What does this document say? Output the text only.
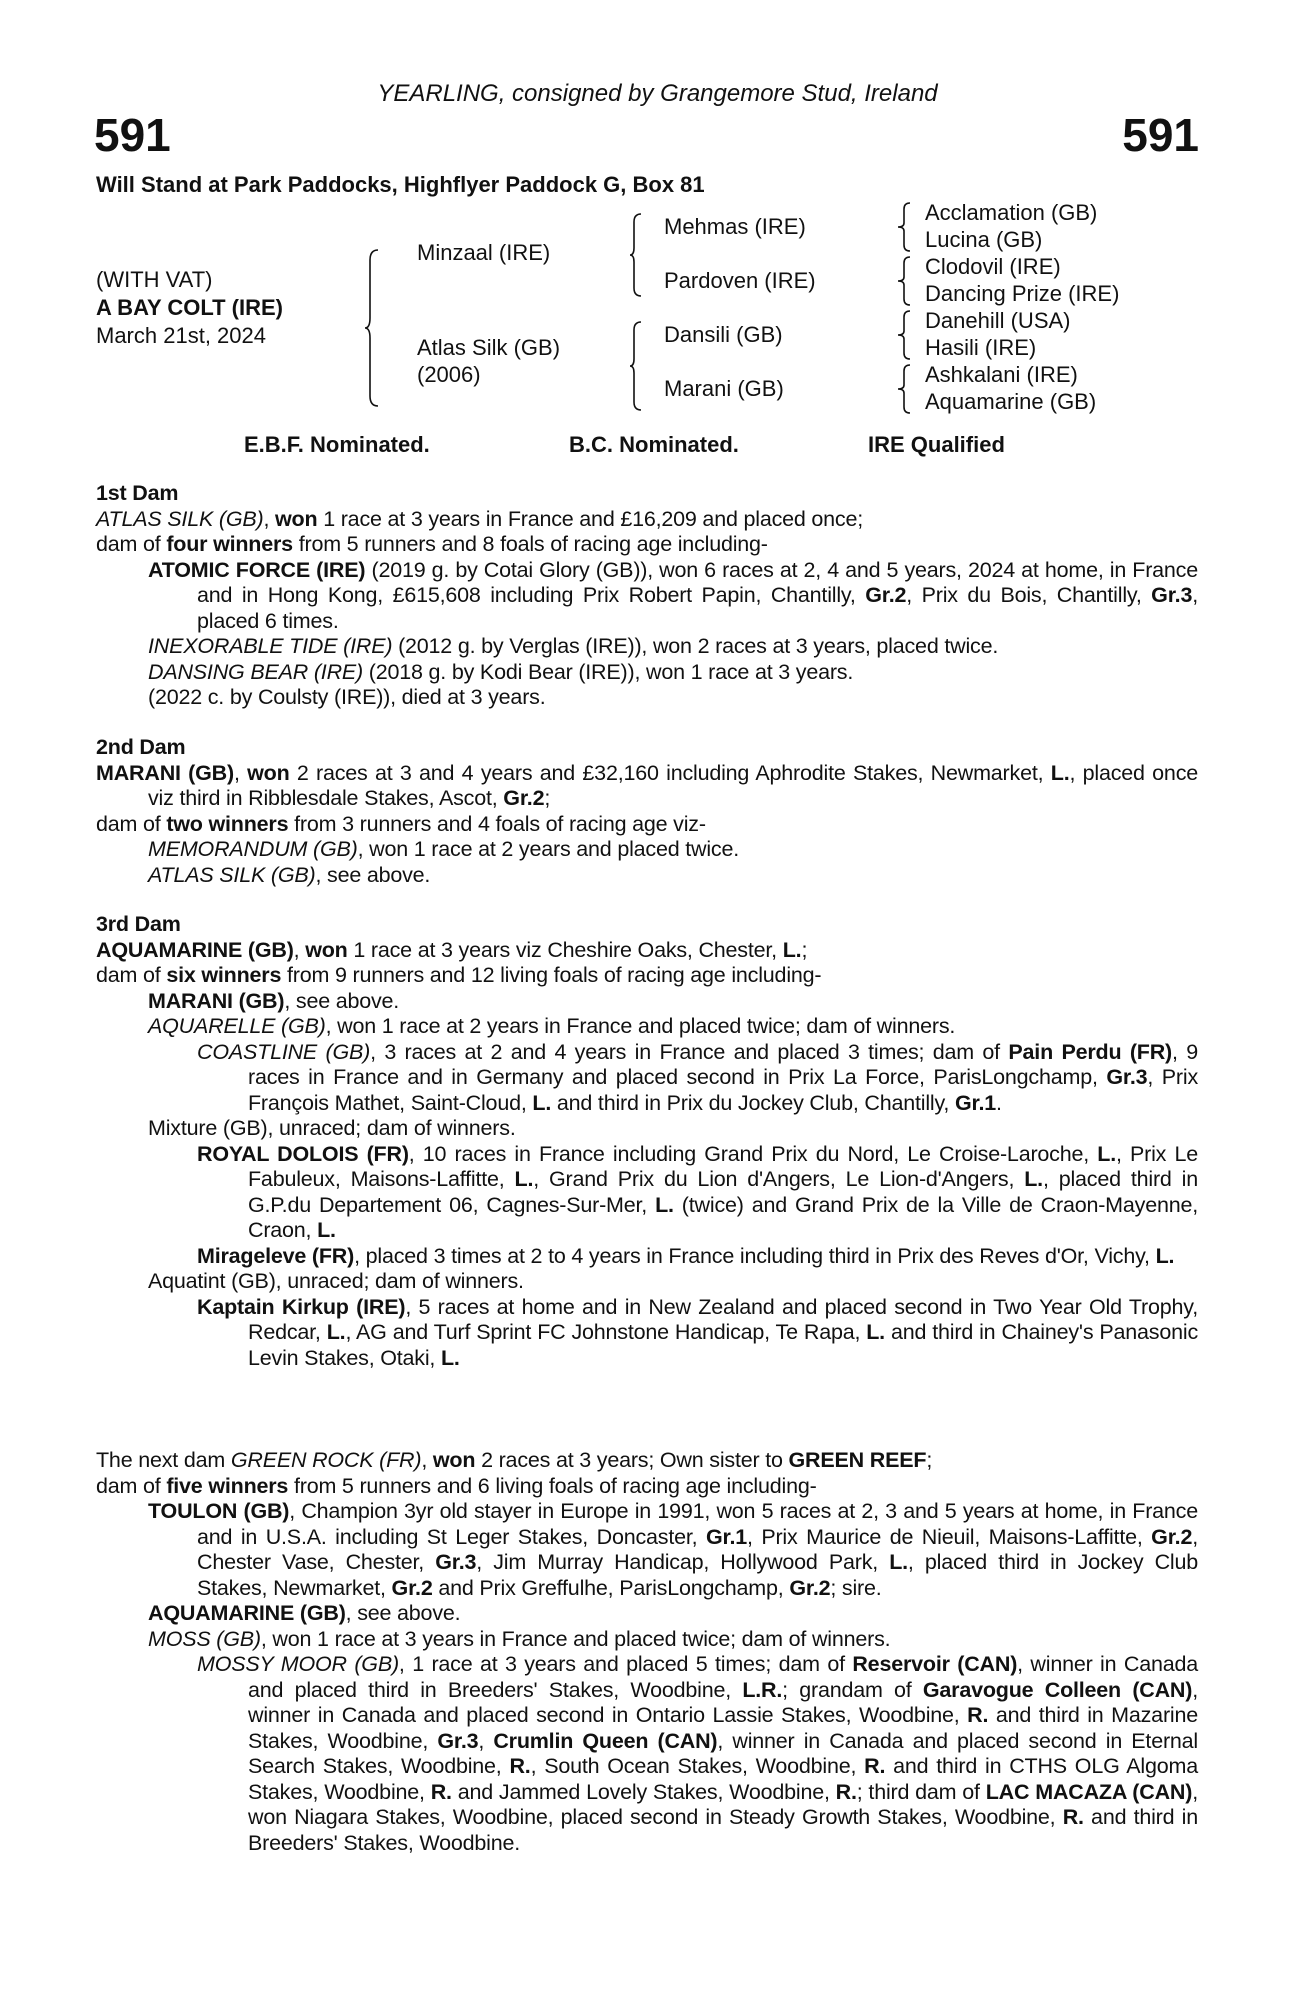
YEARLING, consigned by Grangemore Stud, Ireland
591	591
Will Stand at Park Paddocks, Highflyer Paddock G, Box 81
(WITH VAT)
A BAY COLT (IRE)
March 21st, 2024
Minzaal (IRE)
Atlas Silk (GB)
(2006)
Mehmas (IRE)
Pardoven (IRE)
Dansili (GB)
Marani (GB)
Acclamation (GB)
Lucina (GB)
Clodovil (IRE)
Dancing Prize (IRE)
Danehill (USA)
Hasili (IRE)
Ashkalani (IRE)
Aquamarine (GB)
E.B.F. Nominated.	B.C. Nominated.	IRE Qualified
1st Dam
ATLAS SILK (GB), won 1 race at 3 years in France and £16,209 and placed once;
dam of four winners from 5 runners and 8 foals of racing age including-
ATOMIC FORCE (IRE) (2019 g. by Cotai Glory (GB)), won 6 races at 2, 4 and 5 years, 2024 at home, in France and in Hong Kong, £615,608 including Prix Robert Papin, Chantilly, Gr.2, Prix du Bois, Chantilly, Gr.3, placed 6 times.
INEXORABLE TIDE (IRE) (2012 g. by Verglas (IRE)), won 2 races at 3 years, placed twice.
DANSING BEAR (IRE) (2018 g. by Kodi Bear (IRE)), won 1 race at 3 years.
(2022 c. by Coulsty (IRE)), died at 3 years.
2nd Dam
MARANI (GB), won 2 races at 3 and 4 years and £32,160 including Aphrodite Stakes, Newmarket, L., placed once viz third in Ribblesdale Stakes, Ascot, Gr.2;
dam of two winners from 3 runners and 4 foals of racing age viz-
MEMORANDUM (GB), won 1 race at 2 years and placed twice.
ATLAS SILK (GB), see above.
3rd Dam
AQUAMARINE (GB), won 1 race at 3 years viz Cheshire Oaks, Chester, L.;
dam of six winners from 9 runners and 12 living foals of racing age including-
MARANI (GB), see above.
AQUARELLE (GB), won 1 race at 2 years in France and placed twice; dam of winners.
COASTLINE (GB), 3 races at 2 and 4 years in France and placed 3 times; dam of Pain Perdu (FR), 9 races in France and in Germany and placed second in Prix La Force, ParisLongchamp, Gr.3, Prix François Mathet, Saint-Cloud, L. and third in Prix du Jockey Club, Chantilly, Gr.1.
Mixture (GB), unraced; dam of winners.
ROYAL DOLOIS (FR), 10 races in France including Grand Prix du Nord, Le Croise-Laroche, L., Prix Le Fabuleux, Maisons-Laffitte, L., Grand Prix du Lion d'Angers, Le Lion-d'Angers, L., placed third in G.P.du Departement 06, Cagnes-Sur-Mer, L. (twice) and Grand Prix de la Ville de Craon-Mayenne, Craon, L.
Mirageleve (FR), placed 3 times at 2 to 4 years in France including third in Prix des Reves d'Or, Vichy, L.
Aquatint (GB), unraced; dam of winners.
Kaptain Kirkup (IRE), 5 races at home and in New Zealand and placed second in Two Year Old Trophy, Redcar, L., AG and Turf Sprint FC Johnstone Handicap, Te Rapa, L. and third in Chainey's Panasonic Levin Stakes, Otaki, L.
The next dam GREEN ROCK (FR), won 2 races at 3 years; Own sister to GREEN REEF;
dam of five winners from 5 runners and 6 living foals of racing age including-
TOULON (GB), Champion 3yr old stayer in Europe in 1991, won 5 races at 2, 3 and 5 years at home, in France and in U.S.A. including St Leger Stakes, Doncaster, Gr.1, Prix Maurice de Nieuil, Maisons-Laffitte, Gr.2, Chester Vase, Chester, Gr.3, Jim Murray Handicap, Hollywood Park, L., placed third in Jockey Club Stakes, Newmarket, Gr.2 and Prix Greffulhe, ParisLongchamp, Gr.2; sire.
AQUAMARINE (GB), see above.
MOSS (GB), won 1 race at 3 years in France and placed twice; dam of winners.
MOSSY MOOR (GB), 1 race at 3 years and placed 5 times; dam of Reservoir (CAN), winner in Canada and placed third in Breeders' Stakes, Woodbine, L.R.; grandam of Garavogue Colleen (CAN), winner in Canada and placed second in Ontario Lassie Stakes, Woodbine, R. and third in Mazarine Stakes, Woodbine, Gr.3, Crumlin Queen (CAN), winner in Canada and placed second in Eternal Search Stakes, Woodbine, R., South Ocean Stakes, Woodbine, R. and third in CTHS OLG Algoma Stakes, Woodbine, R. and Jammed Lovely Stakes, Woodbine, R.; third dam of LAC MACAZA (CAN), won Niagara Stakes, Woodbine, placed second in Steady Growth Stakes, Woodbine, R. and third in Breeders' Stakes, Woodbine.
